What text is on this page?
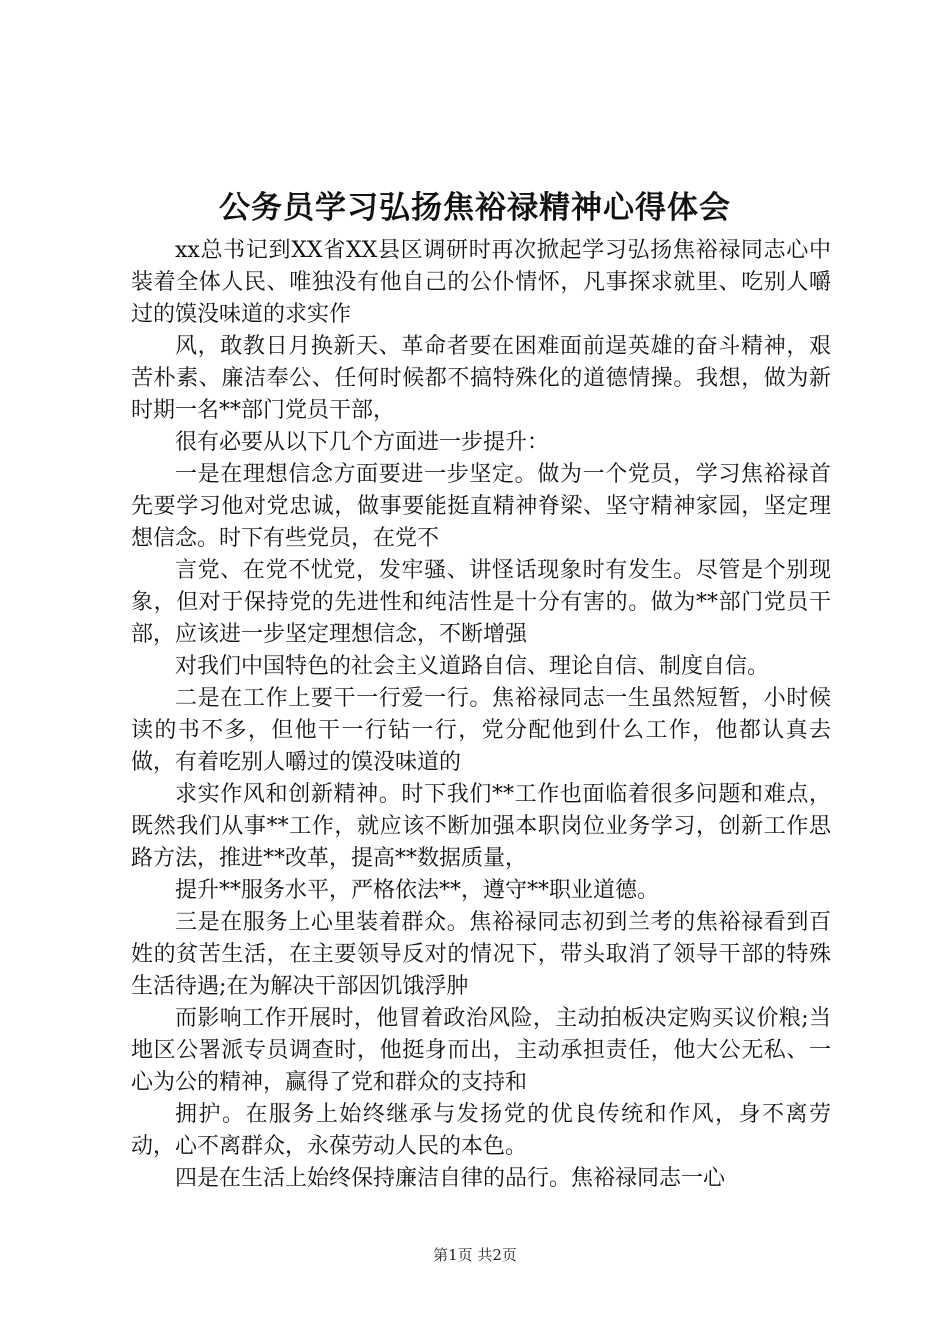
公务员学习弘扬焦裕禄精神心得体会

xx总书记到XX省XX县区调研时再次掀起学习弘扬焦裕禄同志心中装着全体人民、唯独没有他自己的公仆情怀，凡事探求就里、吃别人嚼过的馍没味道的求实作

风，敢教日月换新天、革命者要在困难面前逞英雄的奋斗精神，艰苦朴素、廉洁奉公、任何时候都不搞特殊化的道德情操。我想，做为新时期一名**部门党员干部，

很有必要从以下几个方面进一步提升：

一是在理想信念方面要进一步坚定。做为一个党员，学习焦裕禄首先要学习他对党忠诚，做事要能挺直精神脊梁、坚守精神家园，坚定理想信念。时下有些党员，在党不

言党、在党不忧党，发牢骚、讲怪话现象时有发生。尽管是个别现象，但对于保持党的先进性和纯洁性是十分有害的。做为**部门党员干部，应该进一步坚定理想信念，不断增强

对我们中国特色的社会主义道路自信、理论自信、制度自信。

二是在工作上要干一行爱一行。焦裕禄同志一生虽然短暂，小时候读的书不多，但他干一行钻一行，党分配他到什么工作，他都认真去做，有着吃别人嚼过的馍没味道的

求实作风和创新精神。时下我们**工作也面临着很多问题和难点，既然我们从事**工作，就应该不断加强本职岗位业务学习，创新工作思路方法，推进**改革，提高**数据质量，

提升**服务水平，严格依法**，遵守**职业道德。

三是在服务上心里装着群众。焦裕禄同志初到兰考的焦裕禄看到百姓的贫苦生活，在主要领导反对的情况下，带头取消了领导干部的特殊生活待遇;在为解决干部因饥饿浮肿

而影响工作开展时，他冒着政治风险，主动拍板决定购买议价粮;当地区公署派专员调查时，他挺身而出，主动承担责任，他大公无私、一心为公的精神，赢得了党和群众的支持和

拥护。在服务上始终继承与发扬党的优良传统和作风，身不离劳动，心不离群众，永葆劳动人民的本色。

四是在生活上始终保持廉洁自律的品行。焦裕禄同志一心

第1页 共2页
